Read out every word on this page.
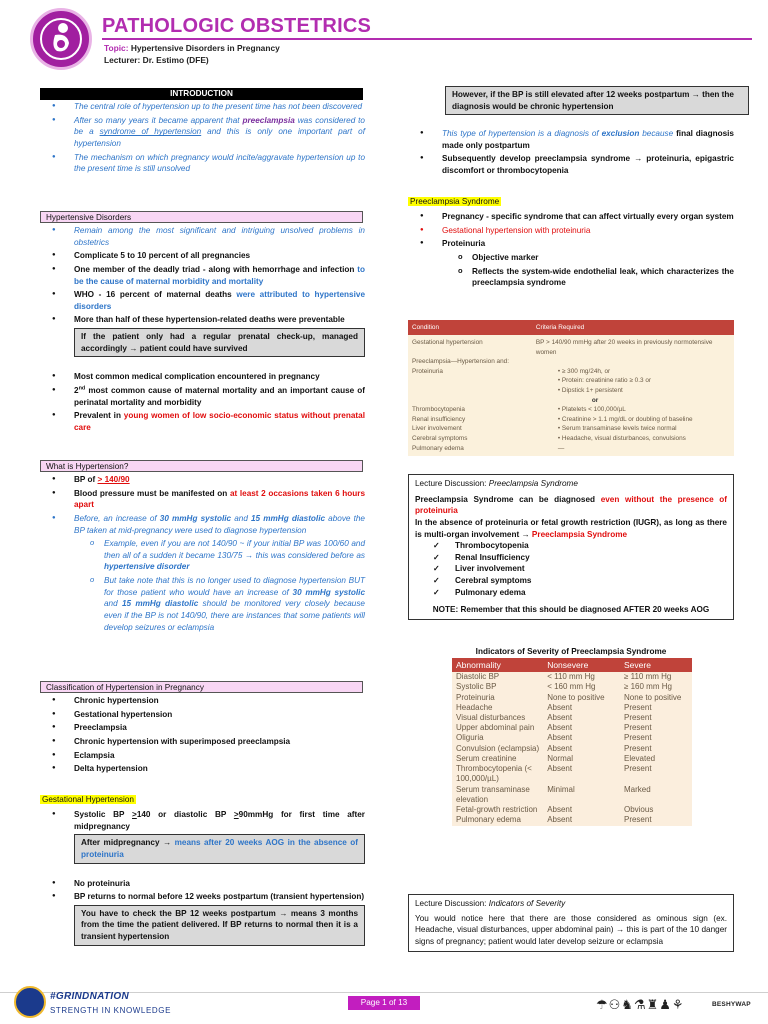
PATHOLOGIC OBSTETRICS
Topic: Hypertensive Disorders in Pregnancy
Lecturer: Dr. Estimo (DFE)
INTRODUCTION
● The central role of hypertension up to the present time has not been discovered
● After so many years it became apparent that preeclampsia was considered to be a syndrome of hypertension and this is only one important part of hypertension
● The mechanism on which pregnancy would incite/aggravate hypertension up to the present time is still unsolved
Hypertensive Disorders
● Remain among the most significant and intriguing unsolved problems in obstetrics
● Complicate 5 to 10 percent of all pregnancies
● One member of the deadly triad - along with hemorrhage and infection to be the cause of maternal morbidity and mortality
● WHO - 16 percent of maternal deaths were attributed to hypertensive disorders
● More than half of these hypertension-related deaths were preventable
If the patient only had a regular prenatal check-up, managed accordingly → patient could have survived
● Most common medical complication encountered in pregnancy
● 2nd most common cause of maternal mortality and an important cause of perinatal mortality and morbidity
● Prevalent in young women of low socio-economic status without prenatal care
What is Hypertension?
● BP of > 140/90
● Blood pressure must be manifested on at least 2 occasions taken 6 hours apart
● Before, an increase of 30 mmHg systolic and 15 mmHg diastolic above the BP taken at mid-pregnancy were used to diagnose hypertension
o Example, even if you are not 140/90 ~ if your initial BP was 100/60 and then all of a sudden it became 130/75 → this was considered before as hypertensive disorder
o But take note that this is no longer used to diagnose hypertension BUT for those patient who would have an increase of 30 mmHg systolic and 15 mmHg diastolic should be monitored very closely because even if the BP is not 140/90, there are instances that some patients will develop seizures or eclampsia
Classification of Hypertension in Pregnancy
● Chronic hypertension
● Gestational hypertension
● Preeclampsia
● Chronic hypertension with superimposed preeclampsia
● Eclampsia
● Delta hypertension
Gestational Hypertension
● Systolic BP >140 or diastolic BP >90mmHg for first time after midpregnancy
After midpregnancy → means after 20 weeks AOG in the absence of proteinuria
● No proteinuria
● BP returns to normal before 12 weeks postpartum (transient hypertension)
You have to check the BP 12 weeks postpartum → means 3 months from the time the patient delivered. If BP returns to normal then it is a transient hypertension
However, if the BP is still elevated after 12 weeks postpartum → then the diagnosis would be chronic hypertension
● This type of hypertension is a diagnosis of exclusion because final diagnosis made only postpartum
● Subsequently develop preeclampsia syndrome → proteinuria, epigastric discomfort or thrombocytopenia
Preeclampsia Syndrome
● Pregnancy - specific syndrome that can affect virtually every organ system
● Gestational hypertension with proteinuria
● Proteinuria
o Objective marker
o Reflects the system-wide endothelial leak, which characterizes the preeclampsia syndrome
Condition	Criteria Required
Gestational hypertension	BP > 140/90 mmHg after 20 weeks in previously normotensive women
Preeclampsia—Hypertension and:	
Proteinuria	• ≥ 300 mg/24h, or
	• Protein: creatinine ratio ≥ 0.3 or
	• Dipstick 1+ persistent
	or
Thrombocytopenia	• Platelets < 100,000/µL
Renal insufficiency	• Creatinine > 1.1 mg/dL or doubling of baseline
Liver involvement	• Serum transaminase levels twice normal
Cerebral symptoms	• Headache, visual disturbances, convulsions
Pulmonary edema	—
Lecture Discussion: Preeclampsia Syndrome
Preeclampsia Syndrome can be diagnosed even without the presence of proteinuria
In the absence of proteinuria or fetal growth restriction (IUGR), as long as there is multi-organ involvement → Preeclampsia Syndrome
✓ Thrombocytopenia
✓ Renal Insufficiency
✓ Liver involvement
✓ Cerebral symptoms
✓ Pulmonary edema
NOTE: Remember that this should be diagnosed AFTER 20 weeks AOG
Indicators of Severity of Preeclampsia Syndrome
Abnormality	Nonsevere	Severe
Diastolic BP	< 110 mm Hg	≥ 110 mm Hg
Systolic BP	< 160 mm Hg	≥ 160 mm Hg
Proteinuria	None to positive	None to positive
Headache	Absent	Present
Visual disturbances	Absent	Present
Upper abdominal pain	Absent	Present
Oliguria	Absent	Present
Convulsion (eclampsia)	Absent	Present
Serum creatinine	Normal	Elevated
Thrombocytopenia (< 100,000/µL)	Absent	Present
Serum transaminase elevation	Minimal	Marked
Fetal-growth restriction	Absent	Obvious
Pulmonary edema	Absent	Present
Lecture Discussion: Indicators of Severity
You would notice here that there are those considered as ominous sign (ex. Headache, visual disturbances, upper abdominal pain) → this is part of the 10 danger signs of pregnancy; patient would later develop seizure or eclampsia
#GRINDNATION
STRENGTH IN KNOWLEDGE
Page 1 of 13	☂⚇♞⚗♜♟⚘	BESHYWAP
